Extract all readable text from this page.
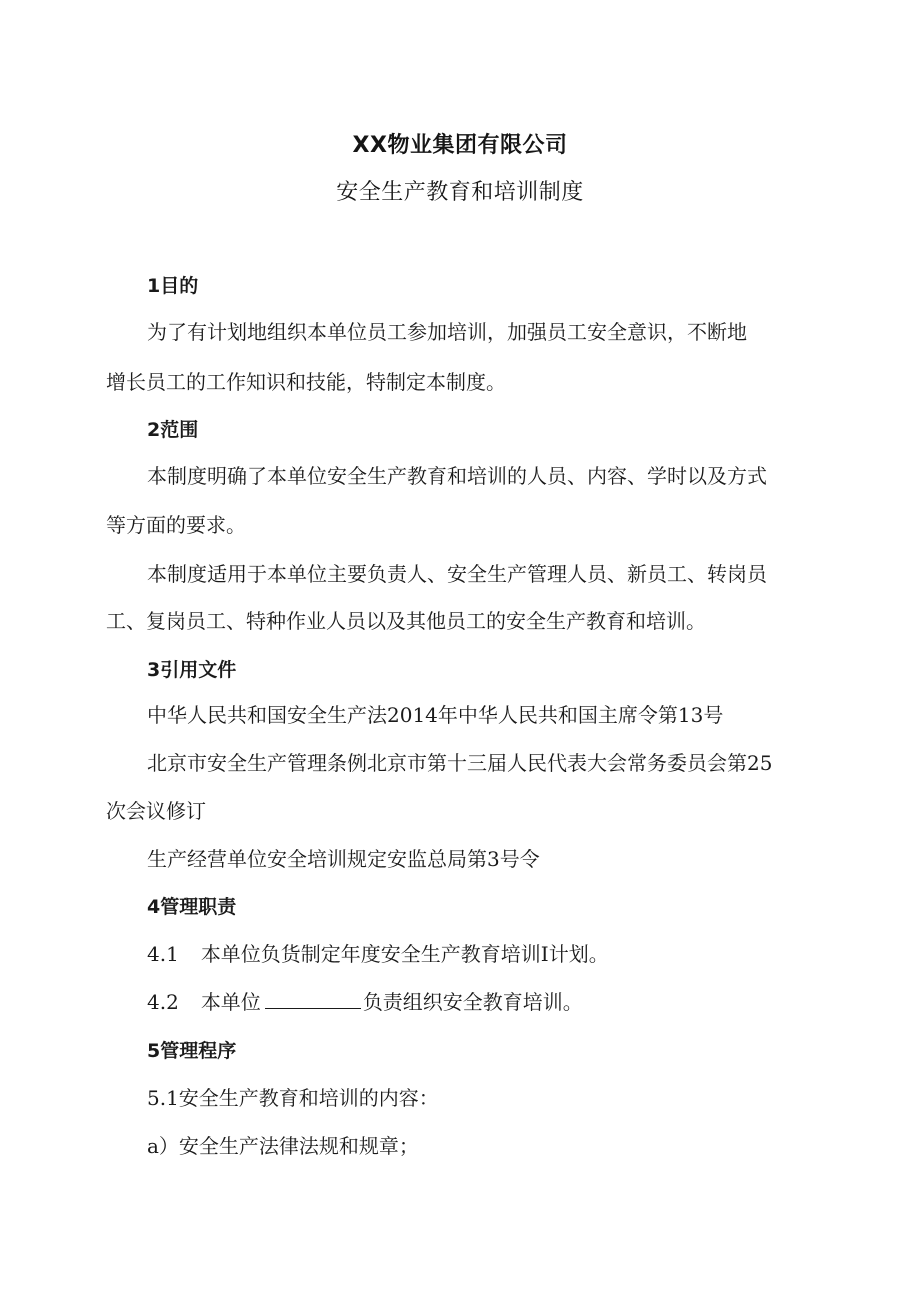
XX物业集团有限公司
安全生产教育和培训制度
1目的
为了有计划地组织本单位员工参加培训，加强员工安全意识，不断地
增长员工的工作知识和技能，特制定本制度。
2范围
本制度明确了本单位安全生产教育和培训的人员、内容、学时以及方式
等方面的要求。
本制度适用于本单位主要负责人、安全生产管理人员、新员工、转岗员
工、复岗员工、特种作业人员以及其他员工的安全生产教育和培训。
3引用文件
中华人民共和国安全生产法2014年中华人民共和国主席令第13号
北京市安全生产管理条例北京市第十三届人民代表大会常务委员会第25
次会议修订
生产经营单位安全培训规定安监总局第3号令
4管理职责
4.1 本单位负货制定年度安全生产教育培训I计划。
4.2 本单位	负责组织安全教育培训。
5管理程序
5.1安全生产教育和培训的内容：
a）安全生产法律法规和规章；
